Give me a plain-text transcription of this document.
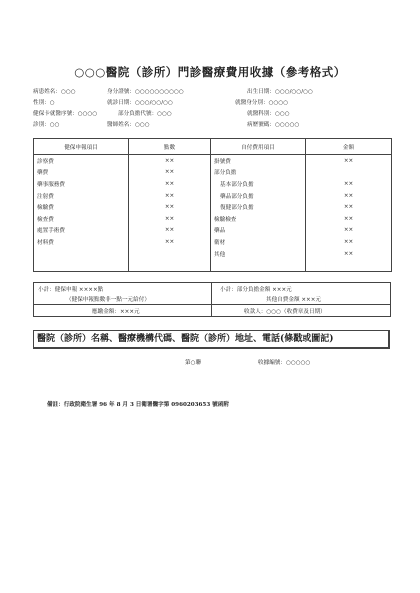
○○○醫院（診所）門診醫療費用收據（參考格式）
病患姓名：○○○	身分證號：○○○○○○○○○○	出生日期：○○○/○○/○○
性別：○	就診日期：○○○/○○/○○	就醫身分別：○○○○
健保卡就醫序號：○○○○	部分負擔代號：○○○	就醫科別：○○○
診別：○○	醫師姓名：○○○	病歷號碼：○○○○○
健保申報項目	點數	自付費用項目	金額
診察費	××	掛號費	××
藥費	××	部分負擔	
藥事服務費	××	基本部分負擔	××
注射費	××	藥品部分負擔	××
檢驗費	××	復健部分負擔	××
檢查費	××	檢驗檢查	××
處置手術費	××	藥品	××
材料費	××	衛材	××
		其他	××

小計：健保申報 ××××點
（健保申報點數非一點一元給付）
小計：部分負擔金額 ×××元
其他自費金額 ×××元
應繳金額：×××元	收款人：○○○（收費章及日期）
醫院（診所）名稱、醫療機構代碼、醫院（診所）地址、電話(條戳或圖記)
第○聯	收據編號：○○○○○
備註：行政院衛生署 96 年 8 月 3 日衛署醫字第 0960203653 號函附
